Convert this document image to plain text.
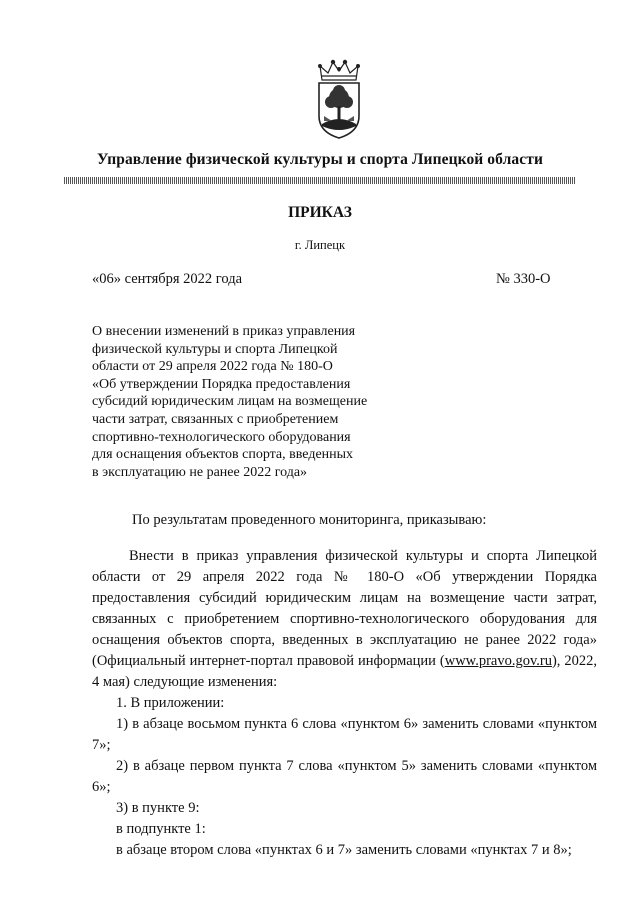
Управление физической культуры и спорта Липецкой области
ПРИКАЗ
г. Липецк
«06» сентября 2022 года	№ 330-О
О внесении изменений в приказ управления
физической культуры и спорта Липецкой
области от 29 апреля 2022 года № 180-О
«Об утверждении Порядка предоставления
субсидий юридическим лицам на возмещение
части затрат, связанных с приобретением
спортивно-технологического оборудования
для оснащения объектов спорта, введенных
в эксплуатацию не ранее 2022 года»
По результатам проведенного мониторинга, приказываю:
Внести в приказ управления физической культуры и спорта Липецкой области от 29 апреля 2022 года № 180-О «Об утверждении Порядка предоставления субсидий юридическим лицам на возмещение части затрат, связанных с приобретением спортивно-технологического оборудования для оснащения объектов спорта, введенных в эксплуатацию не ранее 2022 года» (Официальный интернет-портал правовой информации (www.pravo.gov.ru), 2022, 4 мая) следующие изменения:
1. В приложении:
1) в абзаце восьмом пункта 6 слова «пунктом 6» заменить словами «пунктом 7»;
2) в абзаце первом пункта 7 слова «пунктом 5» заменить словами «пунктом 6»;
3) в пункте 9:
в подпункте 1:
в абзаце втором слова «пунктах 6 и 7» заменить словами «пунктах 7 и 8»;
